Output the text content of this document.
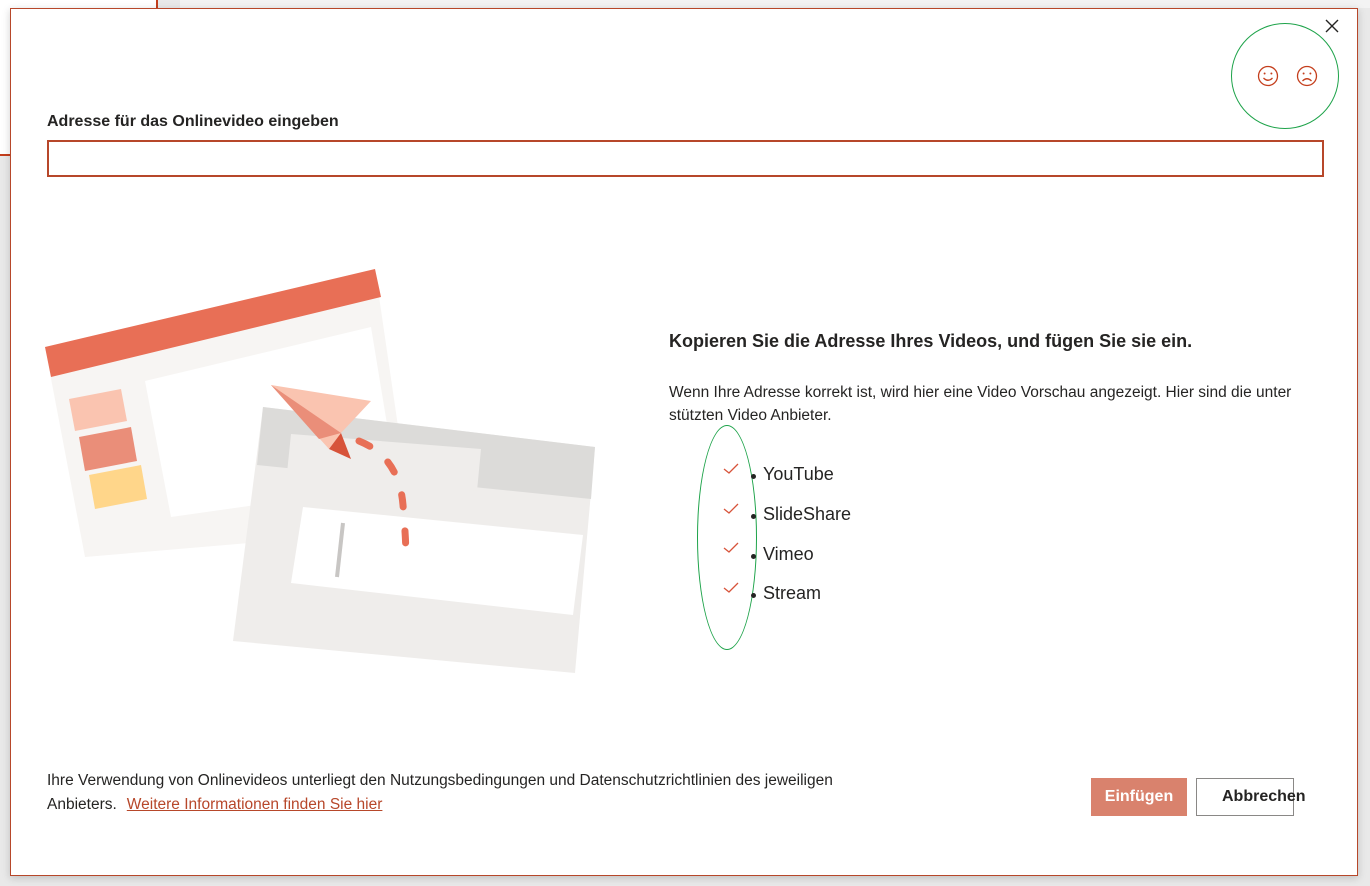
Adresse für das Onlinevideo eingeben
Kopieren Sie die Adresse Ihres Videos, und fügen Sie sie ein.
Wenn Ihre Adresse korrekt ist, wird hier eine Video Vorschau angezeigt. Hier sind die unter stützten Video Anbieter.
YouTube
SlideShare
Vimeo
Stream
Ihre Verwendung von Onlinevideos unterliegt den Nutzungsbedingungen und Datenschutzrichtlinien des jeweiligen Anbieters. Weitere Informationen finden Sie hier	Einfügen	Abbrechen
